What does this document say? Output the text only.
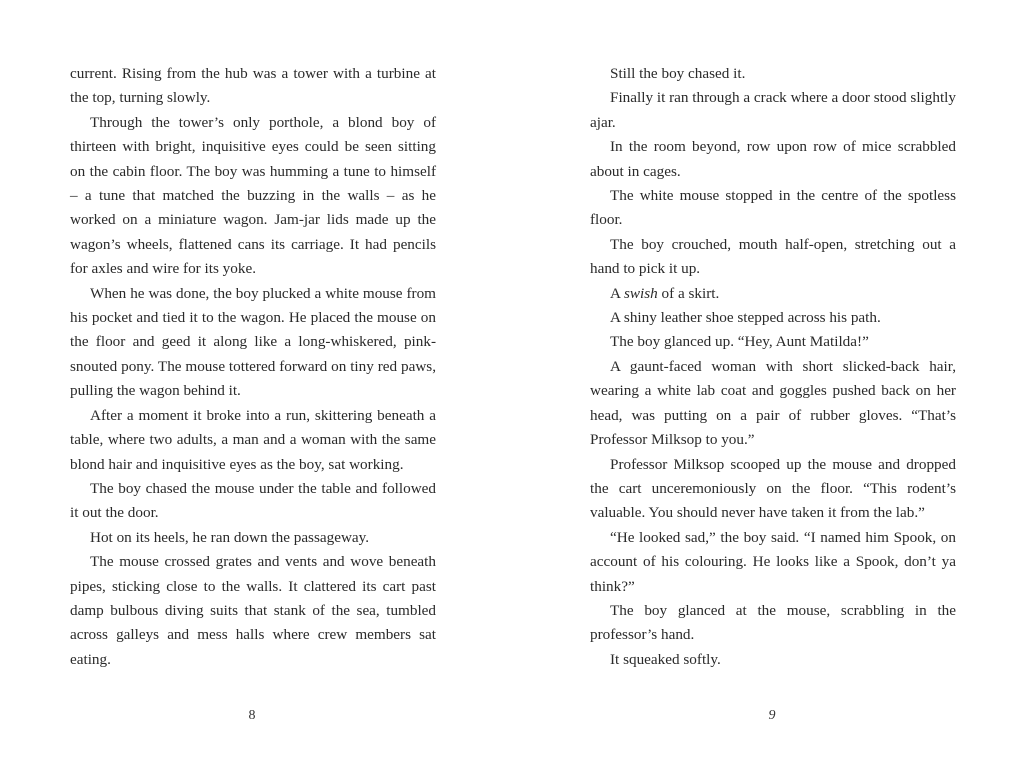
current. Rising from the hub was a tower with a turbine at the top, turning slowly.

Through the tower’s only porthole, a blond boy of thirteen with bright, inquisitive eyes could be seen sitting on the cabin floor. The boy was humming a tune to himself – a tune that matched the buzzing in the walls – as he worked on a miniature wagon. Jam-jar lids made up the wagon’s wheels, flattened cans its carriage. It had pencils for axles and wire for its yoke.

When he was done, the boy plucked a white mouse from his pocket and tied it to the wagon. He placed the mouse on the floor and geed it along like a long-whiskered, pink-snouted pony. The mouse tottered forward on tiny red paws, pulling the wagon behind it.

After a moment it broke into a run, skittering beneath a table, where two adults, a man and a woman with the same blond hair and inquisitive eyes as the boy, sat working.

The boy chased the mouse under the table and followed it out the door.

Hot on its heels, he ran down the passageway.

The mouse crossed grates and vents and wove beneath pipes, sticking close to the walls. It clattered its cart past damp bulbous diving suits that stank of the sea, tumbled across galleys and mess halls where crew members sat eating.

Still the boy chased it.

Finally it ran through a crack where a door stood slightly ajar.

In the room beyond, row upon row of mice scrabbled about in cages.

The white mouse stopped in the centre of the spotless floor.

The boy crouched, mouth half-open, stretching out a hand to pick it up.

A swish of a skirt.

A shiny leather shoe stepped across his path.

The boy glanced up. “Hey, Aunt Matilda!”

A gaunt-faced woman with short slicked-back hair, wearing a white lab coat and goggles pushed back on her head, was putting on a pair of rubber gloves. “That’s Professor Milksop to you.”

Professor Milksop scooped up the mouse and dropped the cart unceremoniously on the floor. “This rodent’s valuable. You should never have taken it from the lab.”

“He looked sad,” the boy said. “I named him Spook, on account of his colouring. He looks like a Spook, don’t ya think?”

The boy glanced at the mouse, scrabbling in the professor’s hand.

It squeaked softly.

8	9
